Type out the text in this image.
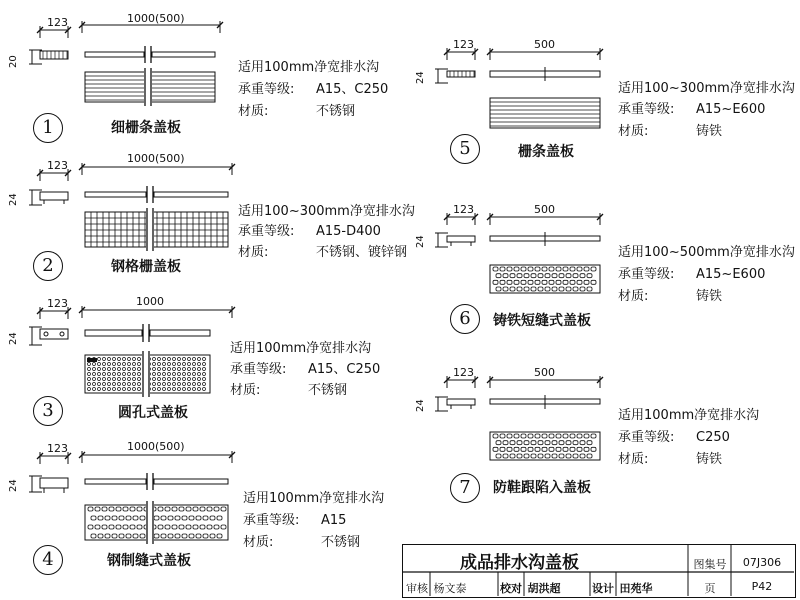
123	1000(500)
20
1	细栅条盖板
适用100mm净宽排水沟
承重等级: A15、C250
材质:	不锈钢
123
1000(500)
24
2	钢格栅盖板
适用100~300mm净宽排水沟
承重等级: A15-D400
材质:	不锈钢、镀锌钢
123	1000
24
3	圆孔式盖板
适用100mm净宽排水沟
承重等级: A15、C250
材质:	不锈钢
123	1000(500)
24
4	钢制缝式盖板
适用100mm净宽排水沟
承重等级: A15
材质:	不锈钢
123	500
24
5	栅条盖板
适用100~300mm净宽排水沟
承重等级: A15~E600
材质:	铸铁
123	500
24
6	铸铁短缝式盖板
适用100~500mm净宽排水沟
承重等级: A15~E600
材质:	铸铁
123	500
24
7	防鞋跟陷入盖板
适用100mm净宽排水沟
承重等级: C250
材质:	铸铁
成品排水沟盖板	图集号	07J306
审核 杨文泰	校对 胡洪超	设计 田苑华	页	P42
